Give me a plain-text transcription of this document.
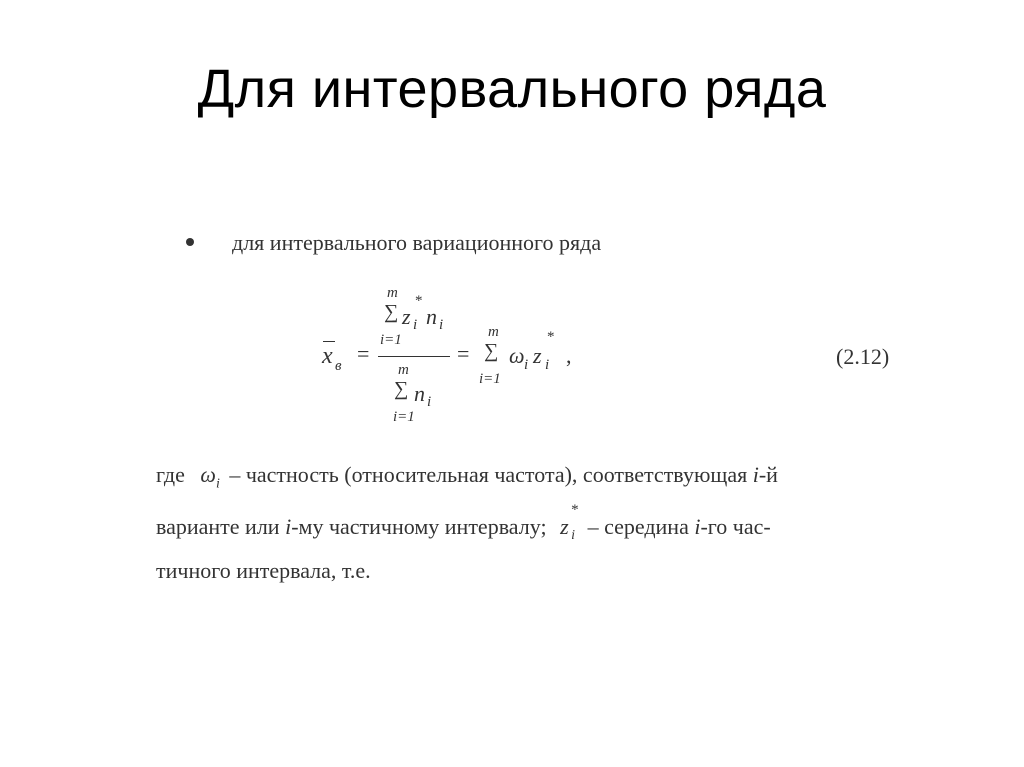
Для интервального ряда
для интервального вариационного ряда
x в =
m
∑ z
*
i n i
i=1
m
∑ n i
i=1
=
m
∑
i=1
ω i z
*
i ,	(2.12)
где $\omega_i$ – частность (относительная частота), соответствующая i-й
варианте или i-му частичному интервалу; z i
*
– середина i-го час-
тичного интервала, т.е.
